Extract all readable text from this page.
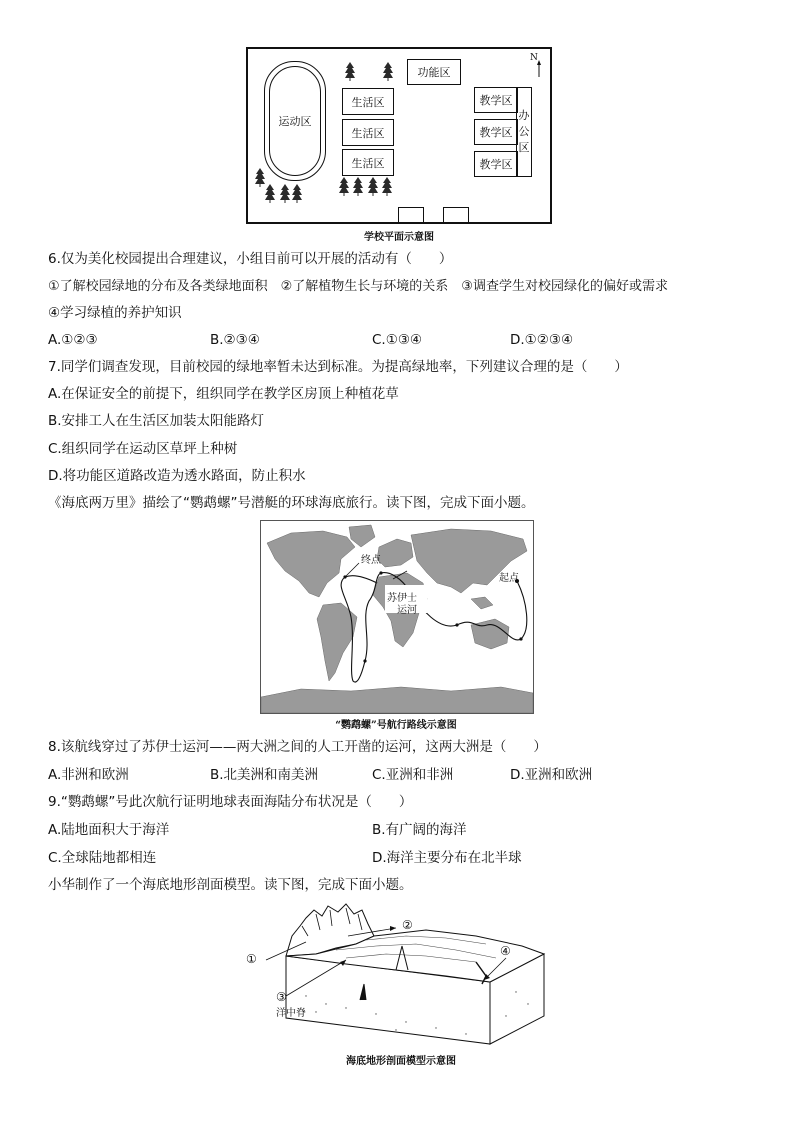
运动区
功能区
生活区
生活区
生活区
教学区
教学区
教学区
办
公
区
N
学校平面示意图
6.仅为美化校园提出合理建议，小组目前可以开展的活动有（　　）
①了解校园绿地的分布及各类绿地面积　②了解植物生长与环境的关系　③调查学生对校园绿化的偏好或需求
④学习绿植的养护知识
A.①②③	B.②③④	C.①③④	D.①②③④
7.同学们调查发现，目前校园的绿地率暂未达到标准。为提高绿地率，下列建议合理的是（　　）
A.在保证安全的前提下，组织同学在教学区房顶上种植花草
B.安排工人在生活区加装太阳能路灯
C.组织同学在运动区草坪上种树
D.将功能区道路改造为透水路面，防止积水
《海底两万里》描绘了“鹦鹉螺”号潜艇的环球海底旅行。读下图，完成下面小题。
终点
起点
苏伊士
运河
“鹦鹉螺”号航行路线示意图
8.该航线穿过了苏伊士运河——两大洲之间的人工开凿的运河，这两大洲是（　　）
A.非洲和欧洲	B.北美洲和南美洲	C.亚洲和非洲	D.亚洲和欧洲
9.“鹦鹉螺”号此次航行证明地球表面海陆分布状况是（　　）
A.陆地面积大于海洋	B.有广阔的海洋
C.全球陆地都相连	D.海洋主要分布在北半球
小华制作了一个海底地形剖面模型。读下图，完成下面小题。
①
②
③
④
洋中脊
海底地形剖面模型示意图
